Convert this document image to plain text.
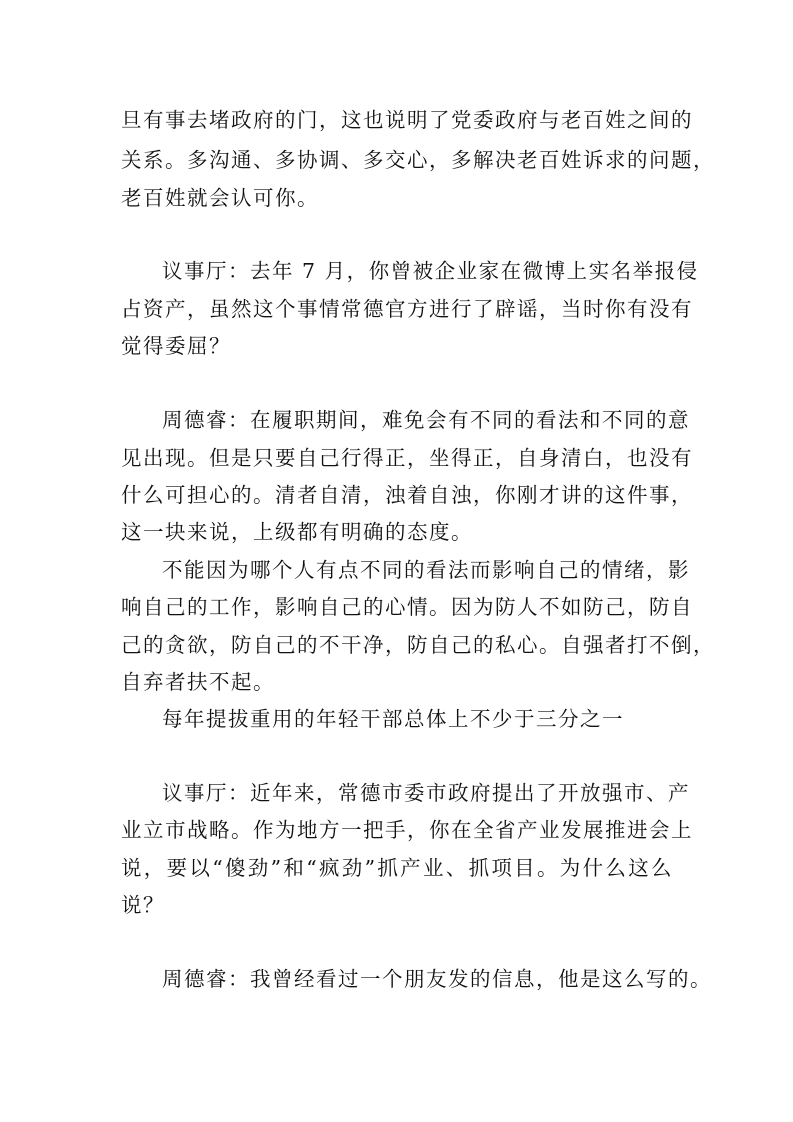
旦有事去堵政府的门，这也说明了党委政府与老百姓之间的
关系。多沟通、多协调、多交心，多解决老百姓诉求的问题，
老百姓就会认可你。
议事厅：去年 7 月，你曾被企业家在微博上实名举报侵
占资产，虽然这个事情常德官方进行了辟谣，当时你有没有
觉得委屈？
周德睿：在履职期间，难免会有不同的看法和不同的意
见出现。但是只要自己行得正，坐得正，自身清白，也没有
什么可担心的。清者自清，浊着自浊，你刚才讲的这件事，
这一块来说，上级都有明确的态度。
不能因为哪个人有点不同的看法而影响自己的情绪，影
响自己的工作，影响自己的心情。因为防人不如防己，防自
己的贪欲，防自己的不干净，防自己的私心。自强者打不倒，
自弃者扶不起。
每年提拔重用的年轻干部总体上不少于三分之一
议事厅：近年来，常德市委市政府提出了开放强市、产
业立市战略。作为地方一把手，你在全省产业发展推进会上
说，要以“傻劲”和“疯劲”抓产业、抓项目。为什么这么
说？
周德睿：我曾经看过一个朋友发的信息，他是这么写的。
